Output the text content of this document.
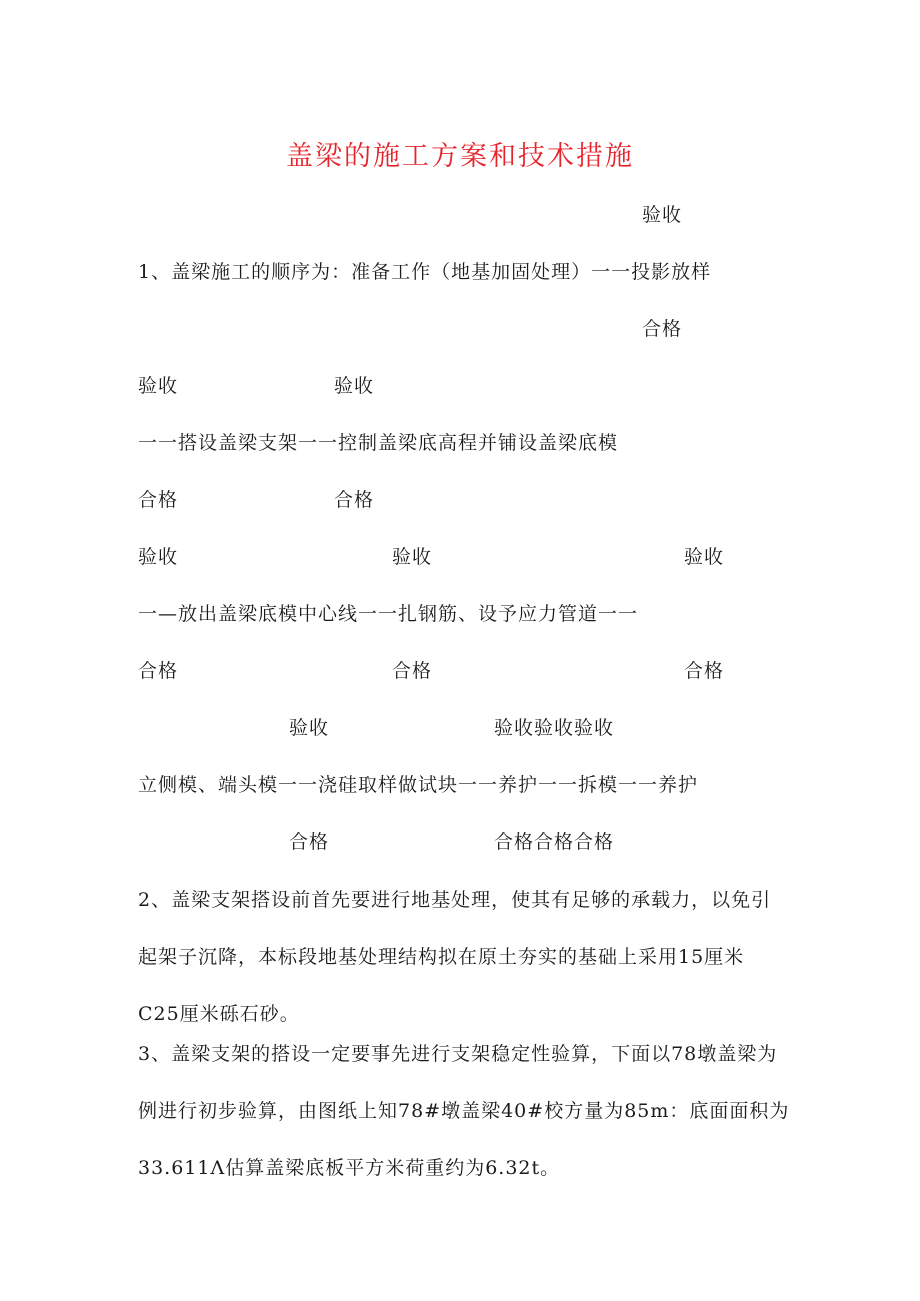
盖梁的施工方案和技术措施
验收
1、盖梁施工的顺序为：准备工作（地基加固处理）一一投影放样
合格
验收	验收
一一搭设盖梁支架一一控制盖梁底高程并铺设盖梁底模
合格	合格
验收	验收	验收
一—放出盖梁底模中心线一一扎钢筋、设予应力管道一一
合格	合格	合格
验收	验收验收验收
立侧模、端头模一一浇硅取样做试块一一养护一一拆模一一养护
合格	合格合格合格
2、盖梁支架搭设前首先要进行地基处理，使其有足够的承载力，以免引
起架子沉降，本标段地基处理结构拟在原土夯实的基础上采用15厘米
C25厘米砾石砂。
3、盖梁支架的搭设一定要事先进行支架稳定性验算，下面以78墩盖梁为
例进行初步验算，由图纸上知78#墩盖梁40#校方量为85m：底面面积为
33.611Λ估算盖梁底板平方米荷重约为6.32t。
